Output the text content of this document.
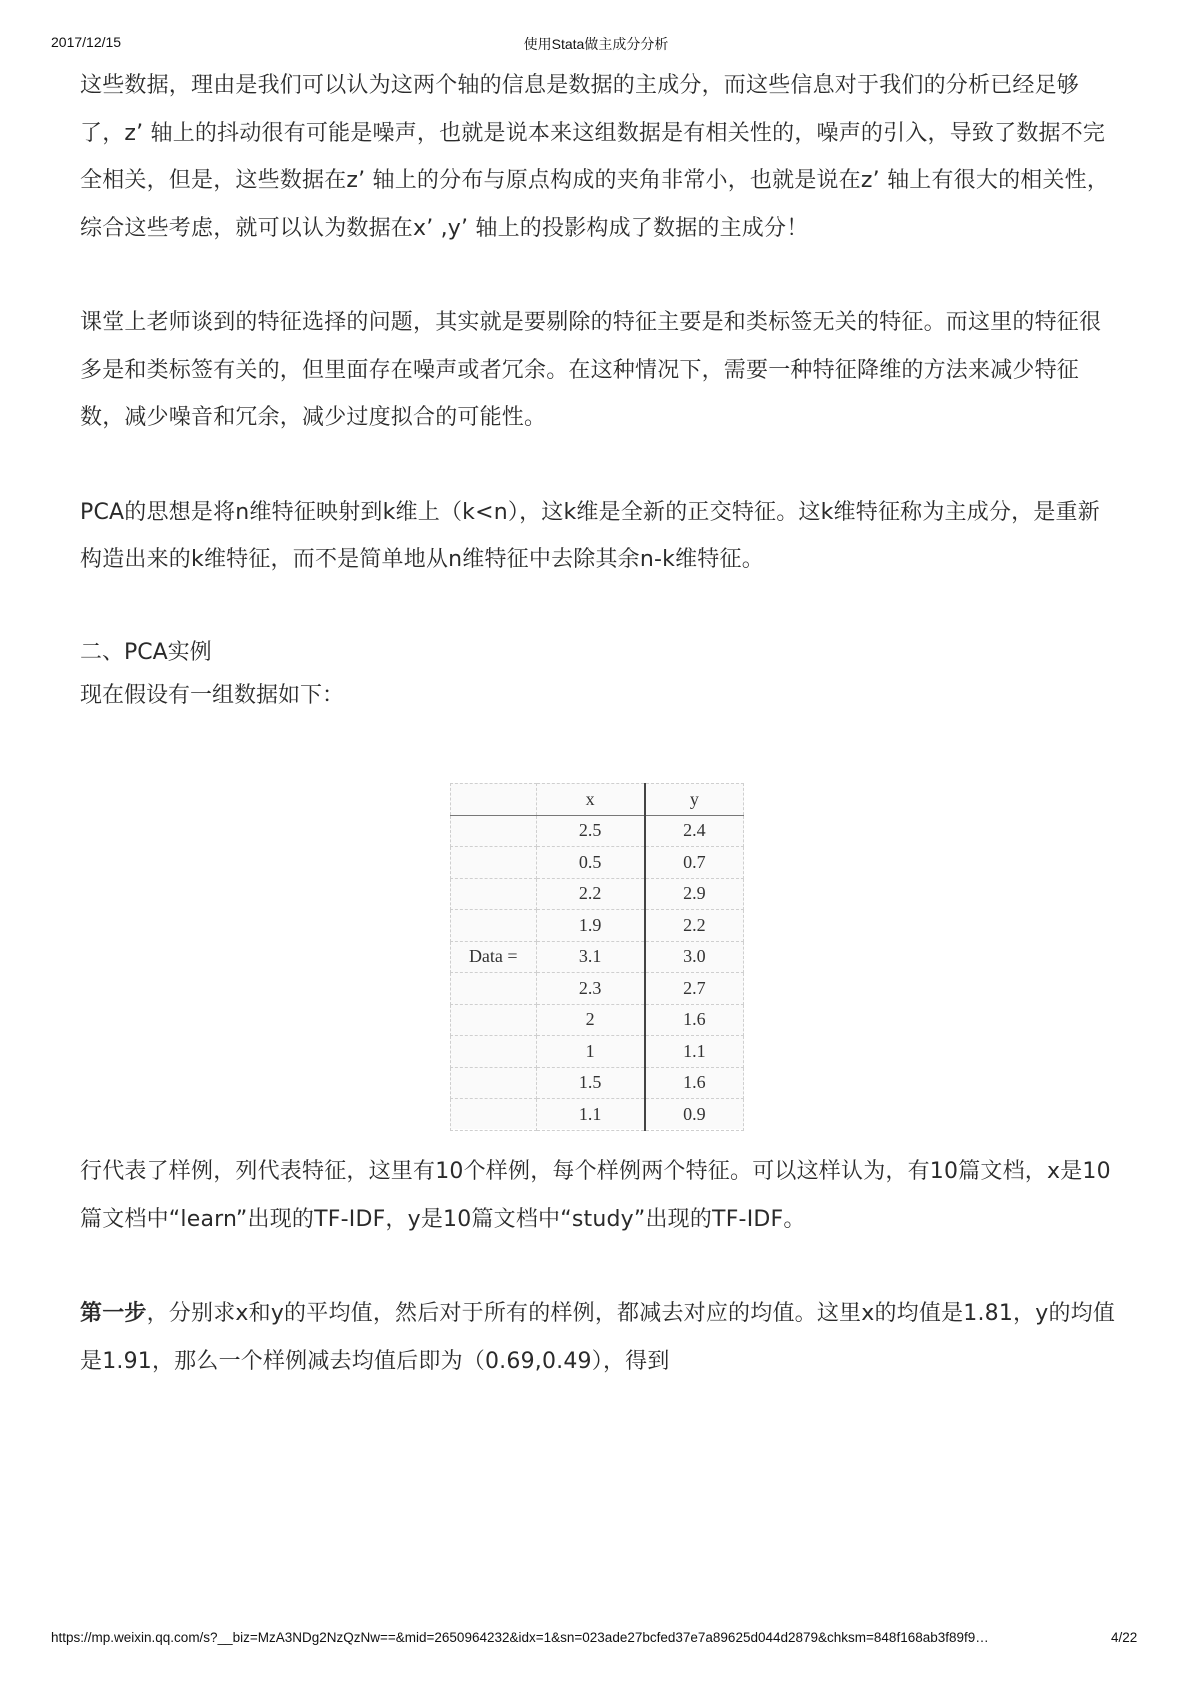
2017/12/15	使用Stata做主成分分析

这些数据，理由是我们可以认为这两个轴的信息是数据的主成分，而这些信息对于我们的分析已经足够了，z’ 轴上的抖动很有可能是噪声，也就是说本来这组数据是有相关性的，噪声的引入，导致了数据不完全相关，但是，这些数据在z’ 轴上的分布与原点构成的夹角非常小，也就是说在z’ 轴上有很大的相关性，综合这些考虑，就可以认为数据在x’ ,y’ 轴上的投影构成了数据的主成分！

课堂上老师谈到的特征选择的问题，其实就是要剔除的特征主要是和类标签无关的特征。而这里的特征很多是和类标签有关的，但里面存在噪声或者冗余。在这种情况下，需要一种特征降维的方法来减少特征数，减少噪音和冗余，减少过度拟合的可能性。

PCA的思想是将n维特征映射到k维上（k<n），这k维是全新的正交特征。这k维特征称为主成分，是重新构造出来的k维特征，而不是简单地从n维特征中去除其余n-k维特征。

二、PCA实例

现在假设有一组数据如下：

	x	y
	2.5	2.4
	0.5	0.7
	2.2	2.9
	1.9	2.2
Data =	3.1	3.0
	2.3	2.7
	2	1.6
	1	1.1
	1.5	1.6
	1.1	0.9

行代表了样例，列代表特征，这里有10个样例，每个样例两个特征。可以这样认为，有10篇文档，x是10篇文档中“learn”出现的TF-IDF，y是10篇文档中“study”出现的TF-IDF。

第一步，分别求x和y的平均值，然后对于所有的样例，都减去对应的均值。这里x的均值是1.81，y的均值是1.91，那么一个样例减去均值后即为（0.69,0.49），得到

https://mp.weixin.qq.com/s?__biz=MzA3NDg2NzQzNw==&mid=2650964232&idx=1&sn=023ade27bcfed37e7a89625d044d2879&chksm=848f168ab3f89f9…	4/22
